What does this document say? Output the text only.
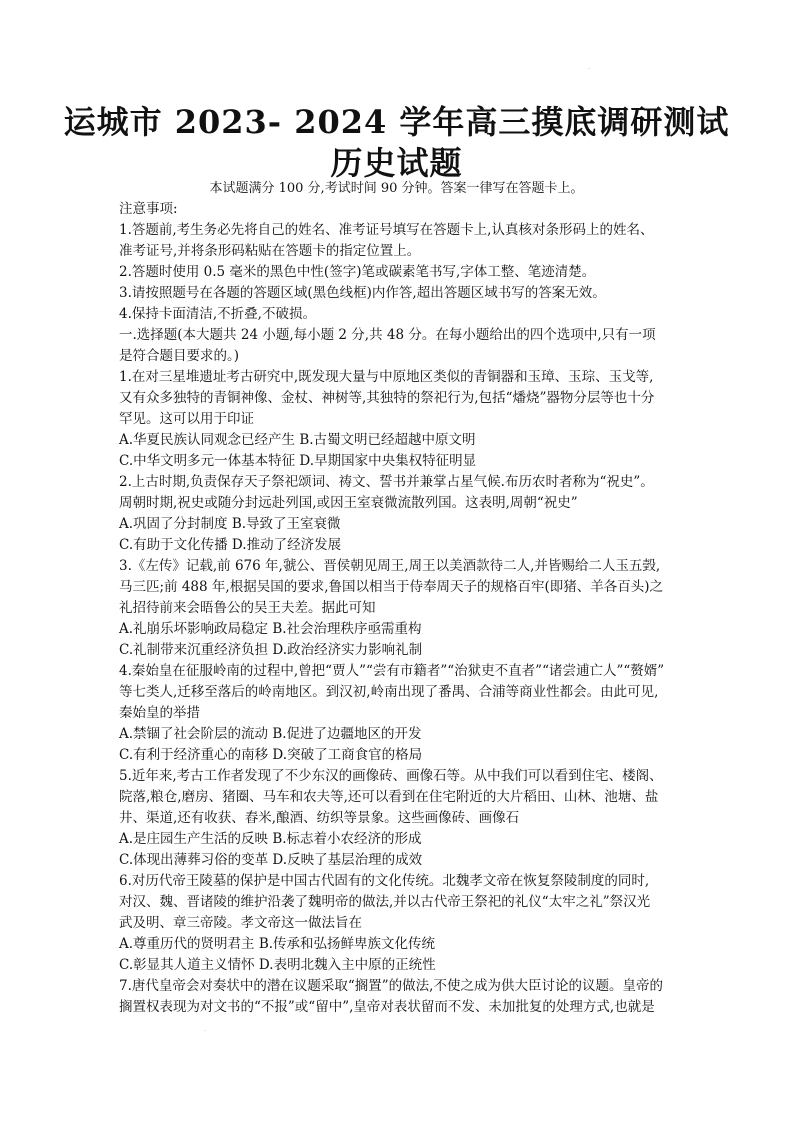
.
.
运城市 2023- 2024 学年高三摸底调研测试
历史试题
本试题满分 100 分,考试时间 90 分钟。答案一律写在答题卡上。
注意事项:
1.答题前,考生务必先将自己的姓名、准考证号填写在答题卡上,认真核对条形码上的姓名、
准考证号,并将条形码粘贴在答题卡的指定位置上。
2.答题时使用 0.5 毫米的黑色中性(签字)笔或碳素笔书写,字体工整、笔迹清楚。
3.请按照题号在各题的答题区域(黑色线框)内作答,超出答题区域书写的答案无效。
4.保持卡面清洁,不折叠,不破损。
一.选择题(本大题共 24 小题,每小题 2 分,共 48 分。在每小题给出的四个选项中,只有一项
是符合题目要求的。)
1.在对三星堆遗址考古研究中,既发现大量与中原地区类似的青铜器和玉璋、玉琮、玉戈等,
又有众多独特的青铜神像、金杖、神树等,其独特的祭祀行为,包括“燔烧”器物分层等也十分
罕见。这可以用于印证
A.华夏民族认同观念已经产生 B.古蜀文明已经超越中原文明
C.中华文明多元一体基本特征 D.早期国家中央集权特征明显
2.上古时期,负责保存天子祭祀颂词、祷文、誓书并兼掌占星气候.布历农时者称为“祝史”。
周朝时期,祝史或随分封远赴列国,或因王室衰微流散列国。这表明,周朝“祝史”
A.巩固了分封制度 B.导致了王室衰微
C.有助于文化传播 D.推动了经济发展
3.《左传》记载,前 676 年,虢公、晋侯朝见周王,周王以美酒款待二人,并皆赐给二人玉五瑴,
马三匹;前 488 年,根据吴国的要求,鲁国以相当于侍奉周天子的规格百牢(即猪、羊各百头)之
礼招待前来会晤鲁公的吴王夫差。据此可知
A.礼崩乐坏影响政局稳定 B.社会治理秩序亟需重构
C.礼制带来沉重经济负担 D.政治经济实力影响礼制
4.秦始皇在征服岭南的过程中,曾把“贾人”“尝有市籍者”“治狱吏不直者”“诸尝逋亡人”“赘婿”
等七类人,迁移至落后的岭南地区。到汉初,岭南出现了番禺、合浦等商业性都会。由此可见,
秦始皇的举措
A.禁锢了社会阶层的流动 B.促进了边疆地区的开发
C.有利于经济重心的南移 D.突破了工商食官的格局
5.近年来,考古工作者发现了不少东汉的画像砖、画像石等。从中我们可以看到住宅、楼阁、
院落,粮仓,磨房、猪圈、马车和农夫等,还可以看到在住宅附近的大片稻田、山林、池塘、盐
井、渠道,还有收获、舂米,酿酒、纺织等景象。这些画像砖、画像石
A.是庄园生产生活的反映 B.标志着小农经济的形成
C.体现出薄葬习俗的变革 D.反映了基层治理的成效
6.对历代帝王陵墓的保护是中国古代固有的文化传统。北魏孝文帝在恢复祭陵制度的同时,
对汉、魏、晋诸陵的维护沿袭了魏明帝的做法,并以古代帝王祭祀的礼仪“太牢之礼”祭汉光
武及明、章三帝陵。孝文帝这一做法旨在
A.尊重历代的贤明君主 B.传承和弘扬鲜卑族文化传统
C.彰显其人道主义情怀 D.表明北魏入主中原的正统性
7.唐代皇帝会对奏状中的潜在议题采取“搁置”的做法,不使之成为供大臣讨论的议题。皇帝的
搁置权表现为对文书的“不报”或“留中”,皇帝对表状留而不发、未加批复的处理方式,也就是
